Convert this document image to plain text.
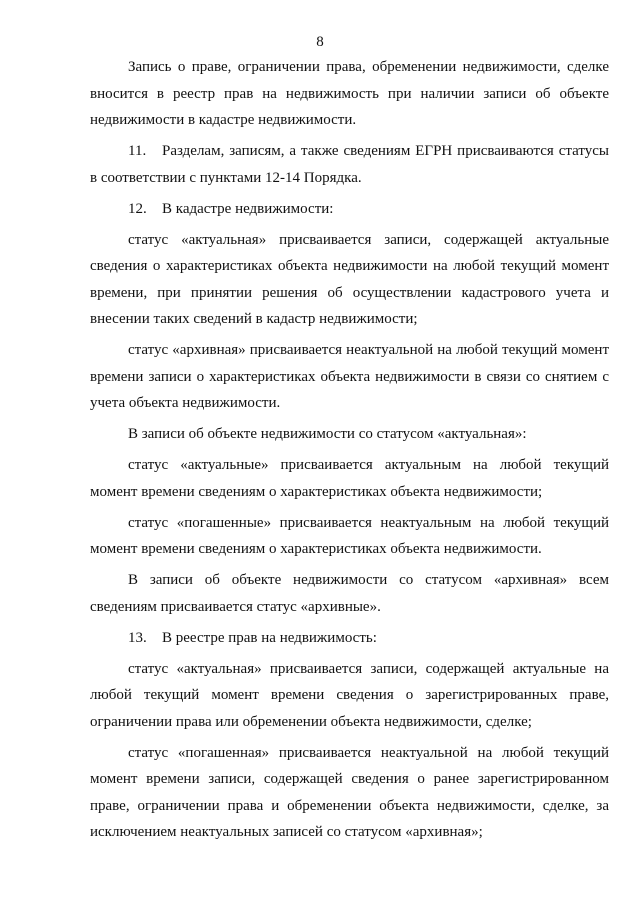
8

Запись о праве, ограничении права, обременении недвижимости, сделке вносится в реестр прав на недвижимость при наличии записи об объекте недвижимости в кадастре недвижимости.

11. Разделам, записям, а также сведениям ЕГРН присваиваются статусы в соответствии с пунктами 12-14 Порядка.

12. В кадастре недвижимости:

статус «актуальная» присваивается записи, содержащей актуальные сведения о характеристиках объекта недвижимости на любой текущий момент времени, при принятии решения об осуществлении кадастрового учета и внесении таких сведений в кадастр недвижимости;

статус «архивная» присваивается неактуальной на любой текущий момент времени записи о характеристиках объекта недвижимости в связи со снятием с учета объекта недвижимости.

В записи об объекте недвижимости со статусом «актуальная»:

статус «актуальные» присваивается актуальным на любой текущий момент времени сведениям о характеристиках объекта недвижимости;

статус «погашенные» присваивается неактуальным на любой текущий момент времени сведениям о характеристиках объекта недвижимости.

В записи об объекте недвижимости со статусом «архивная» всем сведениям присваивается статус «архивные».

13. В реестре прав на недвижимость:

статус «актуальная» присваивается записи, содержащей актуальные на любой текущий момент времени сведения о зарегистрированных праве, ограничении права или обременении объекта недвижимости, сделке;

статус «погашенная» присваивается неактуальной на любой текущий момент времени записи, содержащей сведения о ранее зарегистрированном праве, ограничении права и обременении объекта недвижимости, сделке, за исключением неактуальных записей со статусом «архивная»;
